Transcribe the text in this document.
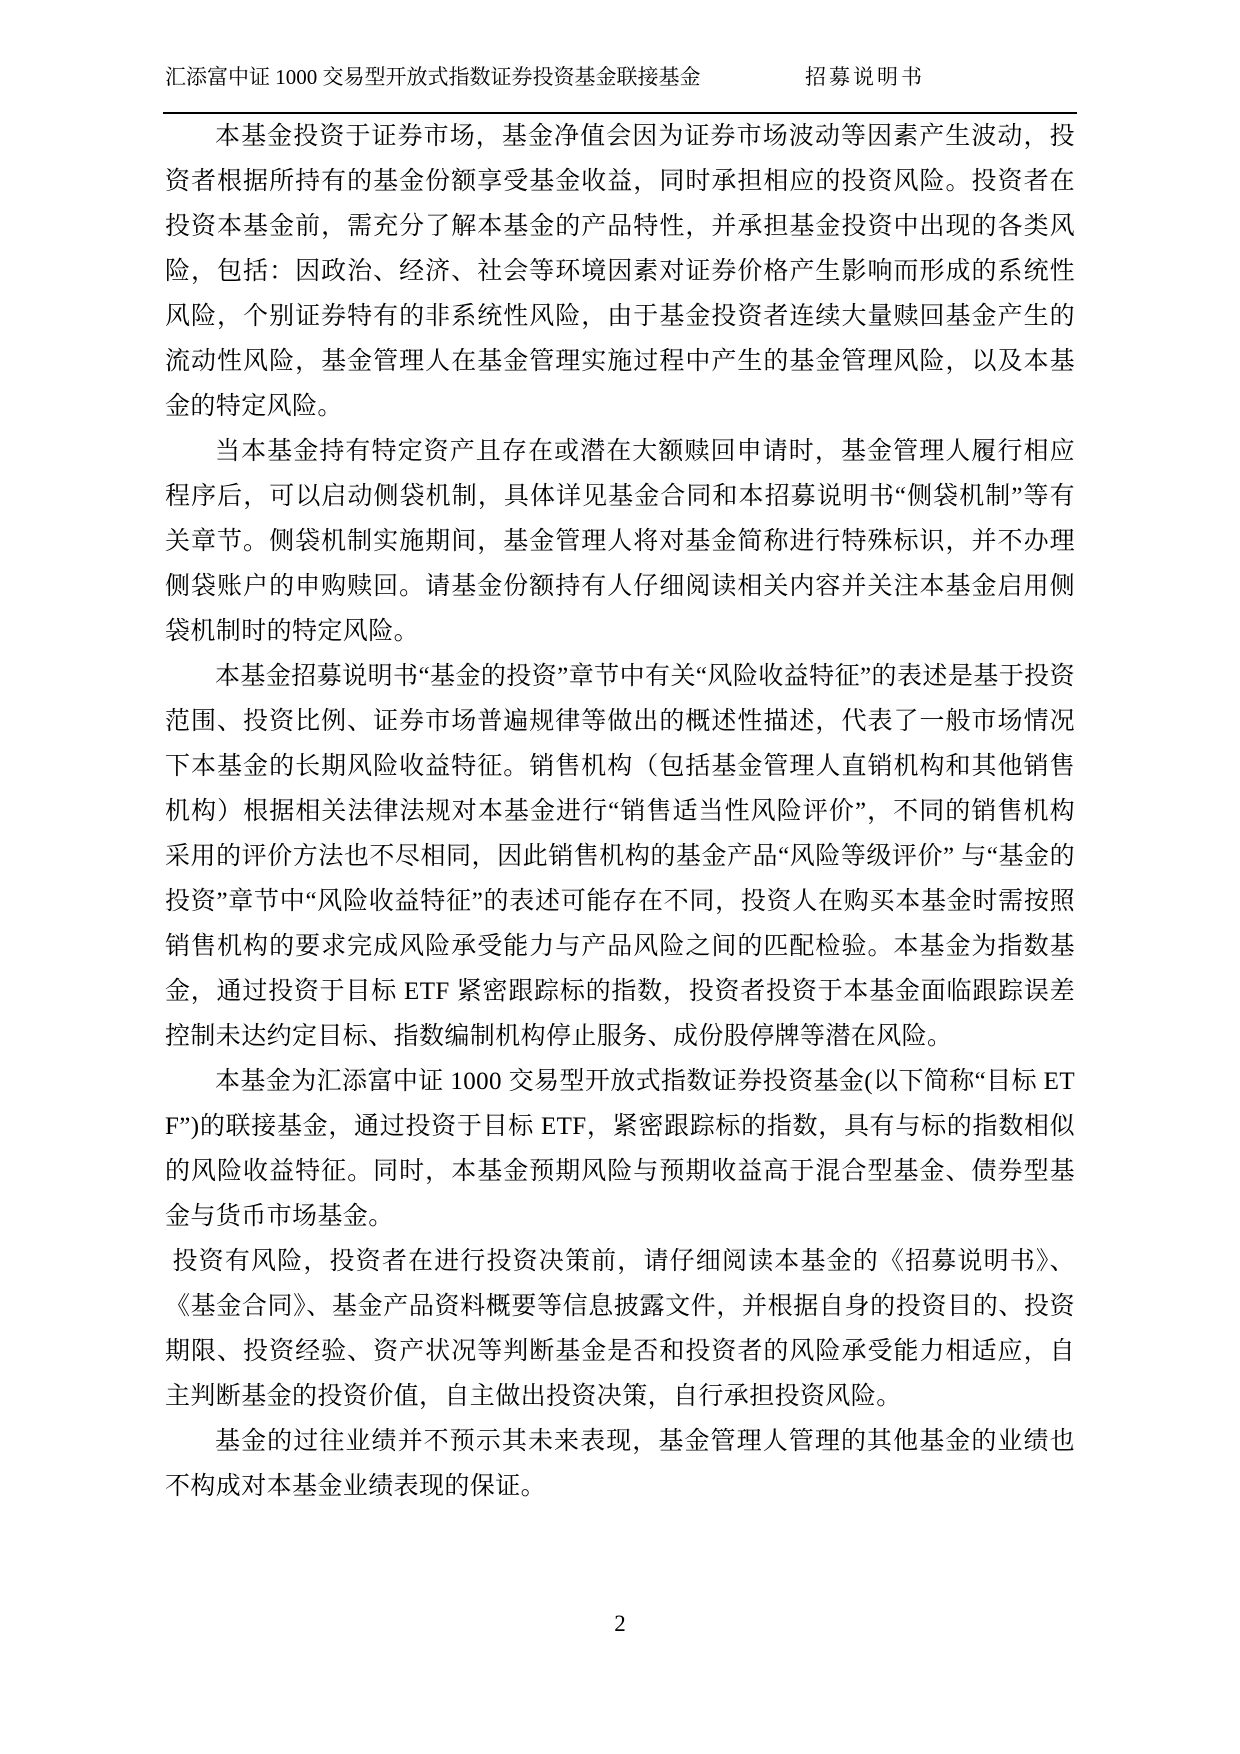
汇添富中证 1000 交易型开放式指数证券投资基金联接基金	招募说明书

本基金投资于证券市场，基金净值会因为证券市场波动等因素产生波动，投资者根据所持有的基金份额享受基金收益，同时承担相应的投资风险。投资者在投资本基金前，需充分了解本基金的产品特性，并承担基金投资中出现的各类风险，包括：因政治、经济、社会等环境因素对证券价格产生影响而形成的系统性风险，个别证券特有的非系统性风险，由于基金投资者连续大量赎回基金产生的流动性风险，基金管理人在基金管理实施过程中产生的基金管理风险，以及本基金的特定风险。

当本基金持有特定资产且存在或潜在大额赎回申请时，基金管理人履行相应程序后，可以启动侧袋机制，具体详见基金合同和本招募说明书“侧袋机制”等有关章节。侧袋机制实施期间，基金管理人将对基金简称进行特殊标识，并不办理侧袋账户的申购赎回。请基金份额持有人仔细阅读相关内容并关注本基金启用侧袋机制时的特定风险。

本基金招募说明书“基金的投资”章节中有关“风险收益特征”的表述是基于投资范围、投资比例、证券市场普遍规律等做出的概述性描述，代表了一般市场情况下本基金的长期风险收益特征。销售机构（包括基金管理人直销机构和其他销售机构）根据相关法律法规对本基金进行“销售适当性风险评价”，不同的销售机构采用的评价方法也不尽相同，因此销售机构的基金产品“风险等级评价” 与“基金的投资”章节中“风险收益特征”的表述可能存在不同，投资人在购买本基金时需按照销售机构的要求完成风险承受能力与产品风险之间的匹配检验。本基金为指数基金，通过投资于目标 ETF 紧密跟踪标的指数，投资者投资于本基金面临跟踪误差控制未达约定目标、指数编制机构停止服务、成份股停牌等潜在风险。

本基金为汇添富中证 1000 交易型开放式指数证券投资基金(以下简称“目标 ETF”)的联接基金，通过投资于目标 ETF，紧密跟踪标的指数，具有与标的指数相似的风险收益特征。同时，本基金预期风险与预期收益高于混合型基金、债券型基金与货币市场基金。

投资有风险，投资者在进行投资决策前，请仔细阅读本基金的《招募说明书》、《基金合同》、基金产品资料概要等信息披露文件，并根据自身的投资目的、投资期限、投资经验、资产状况等判断基金是否和投资者的风险承受能力相适应，自主判断基金的投资价值，自主做出投资决策，自行承担投资风险。

基金的过往业绩并不预示其未来表现，基金管理人管理的其他基金的业绩也不构成对本基金业绩表现的保证。

2
